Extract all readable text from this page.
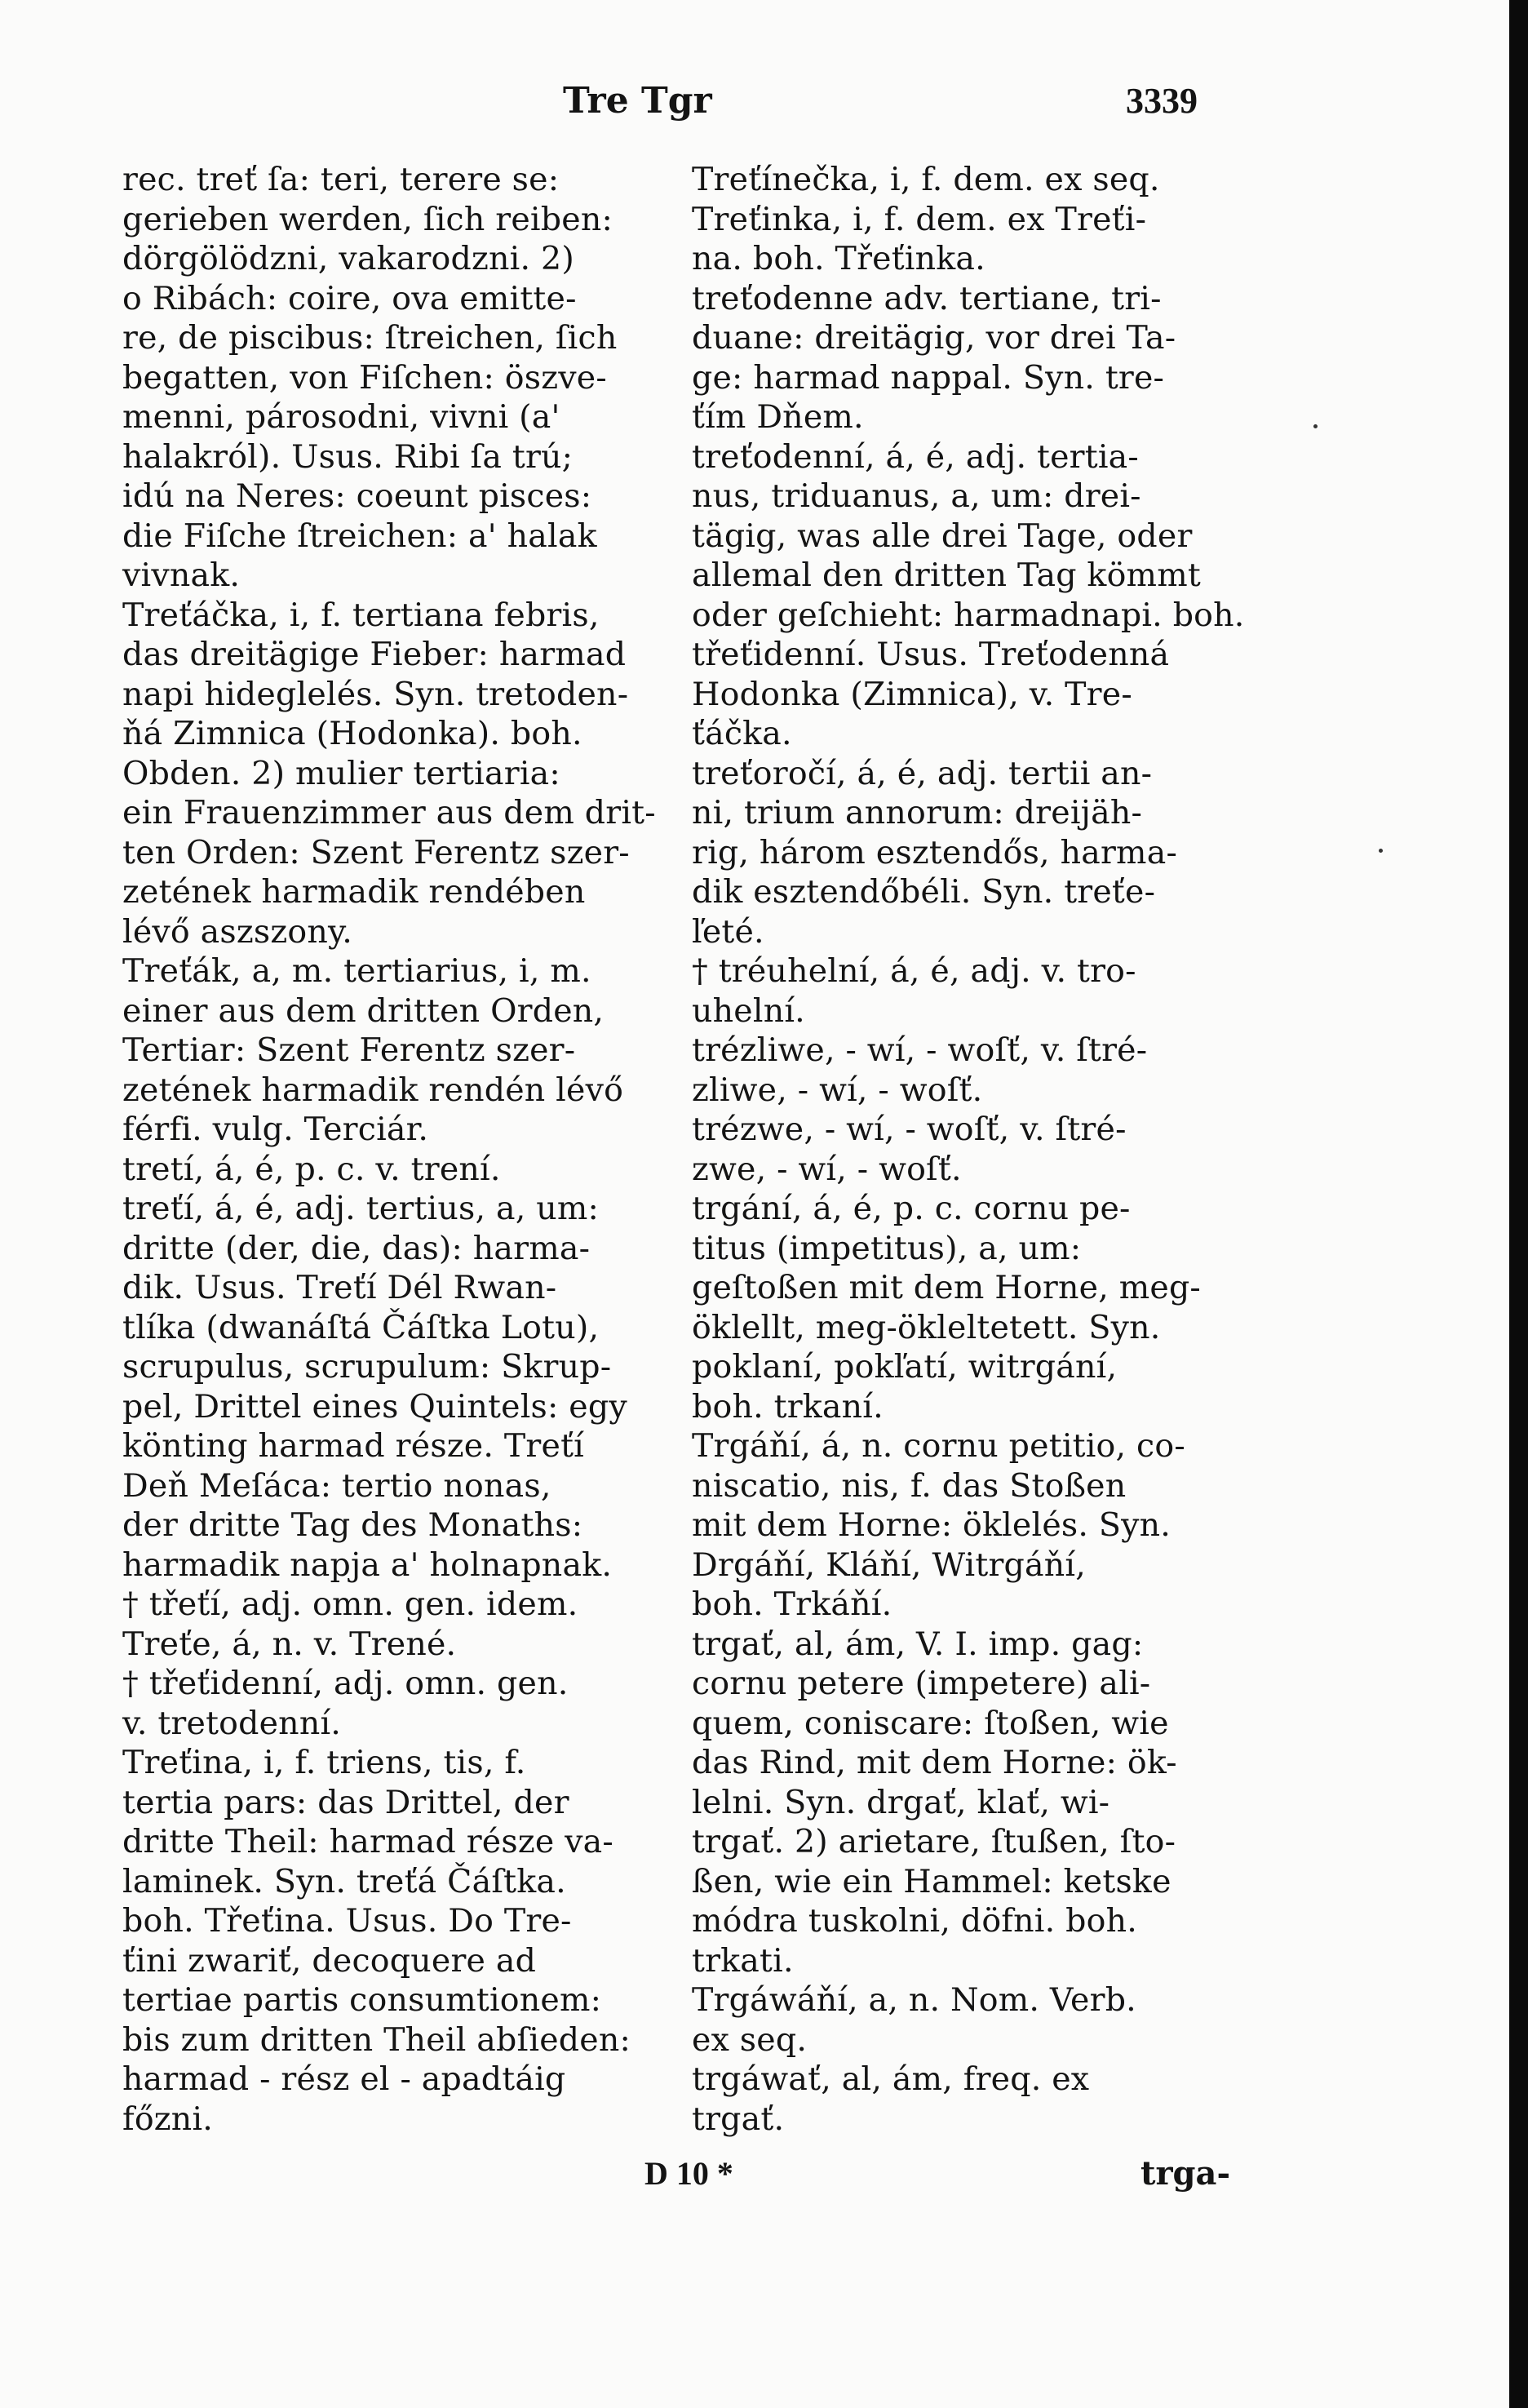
Tre Tgr	3339
rec. treť ſa: teri, terere se:
gerieben werden, ſich reiben:
dörgölödzni, vakarodzni. 2)
o Ribách: coire, ova emitte-
re, de piscibus: ſtreichen, ſich
begatten, von Fiſchen: öszve-
menni, párosodni, vivni (a'
halakról). Usus. Ribi ſa trú;
idú na Neres: coeunt pisces:
die Fiſche ſtreichen: a' halak
vivnak.
Treťáčka, i, f. tertiana febris,
das dreitägige Fieber: harmad
napi hideglelés. Syn. tretoden-
ňá Zimnica (Hodonka). boh.
Obden. 2) mulier tertiaria:
ein Frauenzimmer aus dem drit-
ten Orden: Szent Ferentz szer-
zetének harmadik rendében
lévő aszszony.
Treťák, a, m. tertiarius, i, m.
einer aus dem dritten Orden,
Tertiar: Szent Ferentz szer-
zetének harmadik rendén lévő
férfi. vulg. Terciár.
tretí, á, é, p. c. v. trení.
treťí, á, é, adj. tertius, a, um:
dritte (der, die, das): harma-
dik. Usus. Treťí Dél Rwan-
tlíka (dwanáſtá Čáſtka Lotu),
scrupulus, scrupulum: Skrup-
pel, Drittel eines Quintels: egy
könting harmad része. Treťí
Deň Meſáca: tertio nonas,
der dritte Tag des Monaths:
harmadik napja a' holnapnak.
† třeťí, adj. omn. gen. idem.
Treťe, á, n. v. Trené.
† třeťidenní, adj. omn. gen.
v. tretodenní.
Treťina, i, f. triens, tis, f.
tertia pars: das Drittel, der
dritte Theil: harmad része va-
laminek. Syn. treťá Čáſtka.
boh. Třeťina. Usus. Do Tre-
ťini zwariť, decoquere ad
tertiae partis consumtionem:
bis zum dritten Theil abſieden:
harmad - rész el - apadtáig
főzni.
Treťínečka, i, f. dem. ex seq.
Treťinka, i, f. dem. ex Treťi-
na. boh. Třeťinka.
treťodenne adv. tertiane, tri-
duane: dreitägig, vor drei Ta-
ge: harmad nappal. Syn. tre-
ťím Dňem.
treťodenní, á, é, adj. tertia-
nus, triduanus, a, um: drei-
tägig, was alle drei Tage, oder
allemal den dritten Tag kömmt
oder geſchieht: harmadnapi. boh.
třeťidenní. Usus. Treťodenná
Hodonka (Zimnica), v. Tre-
ťáčka.
treťoročí, á, é, adj. tertii an-
ni, trium annorum: dreijäh-
rig, három esztendős, harma-
dik esztendőbéli. Syn. treťe-
ľeté.
† tréuhelní, á, é, adj. v. tro-
uhelní.
trézliwe, - wí, - woſť, v. ſtré-
zliwe, - wí, - woſť.
trézwe, - wí, - woſť, v. ſtré-
zwe, - wí, - woſť.
trgání, á, é, p. c. cornu pe-
titus (impetitus), a, um:
geſtoßen mit dem Horne, meg-
öklellt, meg-ökleltetett. Syn.
poklaní, pokľatí, witrgání,
boh. trkaní.
Trgáňí, á, n. cornu petitio, co-
niscatio, nis, f. das Stoßen
mit dem Horne: öklelés. Syn.
Drgáňí, Kláňí, Witrgáňí,
boh. Trkáňí.
trgať, al, ám, V. I. imp. gag:
cornu petere (impetere) ali-
quem, coniscare: ſtoßen, wie
das Rind, mit dem Horne: ök-
lelni. Syn. drgať, klať, wi-
trgať. 2) arietare, ſtußen, ſto-
ßen, wie ein Hammel: ketske
módra tuskolni, döfni. boh.
trkati.
Trgáwáňí, a, n. Nom. Verb.
ex seq.
trgáwať, al, ám, freq. ex
trgať.
D 10 *	trga-
